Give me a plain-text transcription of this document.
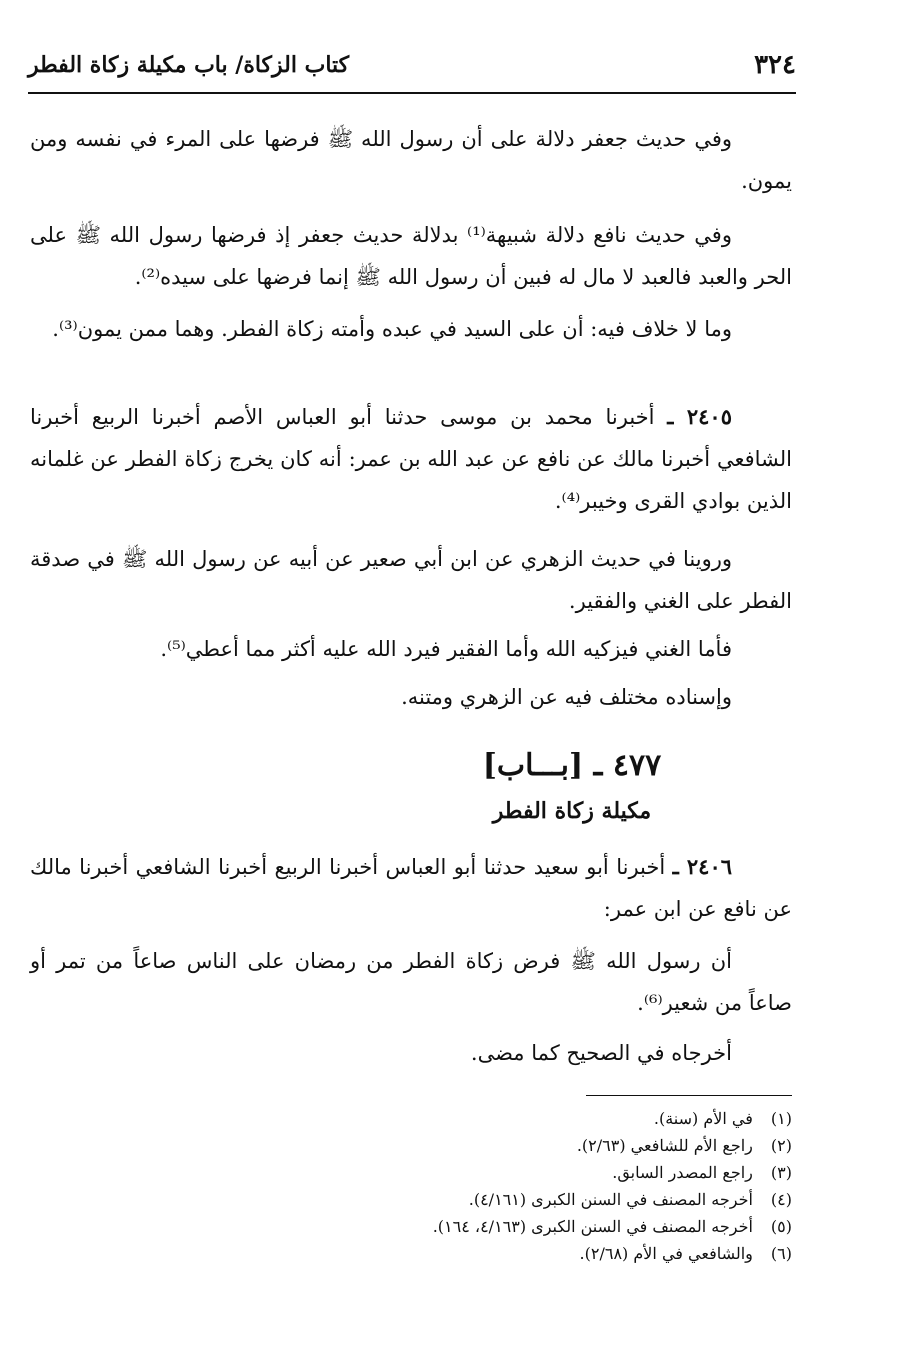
٣٢٤
كتاب الزكاة/ باب مكيلة زكاة الفطر

وفي حديث جعفر دلالة على أن رسول الله ﷺ فرضها على المرء في نفسه ومن يمون.

وفي حديث نافع دلالة شبيهة⁽¹⁾ بدلالة حديث جعفر إذ فرضها رسول الله ﷺ على الحر والعبد فالعبد لا مال له فبين أن رسول الله ﷺ إنما فرضها على سيده⁽²⁾.

وما لا خلاف فيه: أن على السيد في عبده وأمته زكاة الفطر. وهما ممن يمون⁽³⁾.

٢٤٠٥ ـ أخبرنا محمد بن موسى حدثنا أبو العباس الأصم أخبرنا الربيع أخبرنا الشافعي أخبرنا مالك عن نافع عن عبد الله بن عمر: أنه كان يخرج زكاة الفطر عن غلمانه الذين بوادي القرى وخيبر⁽⁴⁾.

وروينا في حديث الزهري عن ابن أبي صعير عن أبيه عن رسول الله ﷺ في صدقة الفطر على الغني والفقير.

فأما الغني فيزكيه الله وأما الفقير فيرد الله عليه أكثر مما أعطي⁽⁵⁾.

وإسناده مختلف فيه عن الزهري ومتنه.

٤٧٧ ـ [بـــاب]
مكيلة زكاة الفطر

٢٤٠٦ ـ أخبرنا أبو سعيد حدثنا أبو العباس أخبرنا الربيع أخبرنا الشافعي أخبرنا مالك عن نافع عن ابن عمر:

أن رسول الله ﷺ فرض زكاة الفطر من رمضان على الناس صاعاً من تمر أو صاعاً من شعير⁽⁶⁾.

أخرجاه في الصحيح كما مضى.

(١) في الأم (سنة).
(٢) راجع الأم للشافعي (٢/٦٣).
(٣) راجع المصدر السابق.
(٤) أخرجه المصنف في السنن الكبرى (٤/١٦١).
(٥) أخرجه المصنف في السنن الكبرى (٤/١٦٣، ١٦٤).
(٦) والشافعي في الأم (٢/٦٨).
